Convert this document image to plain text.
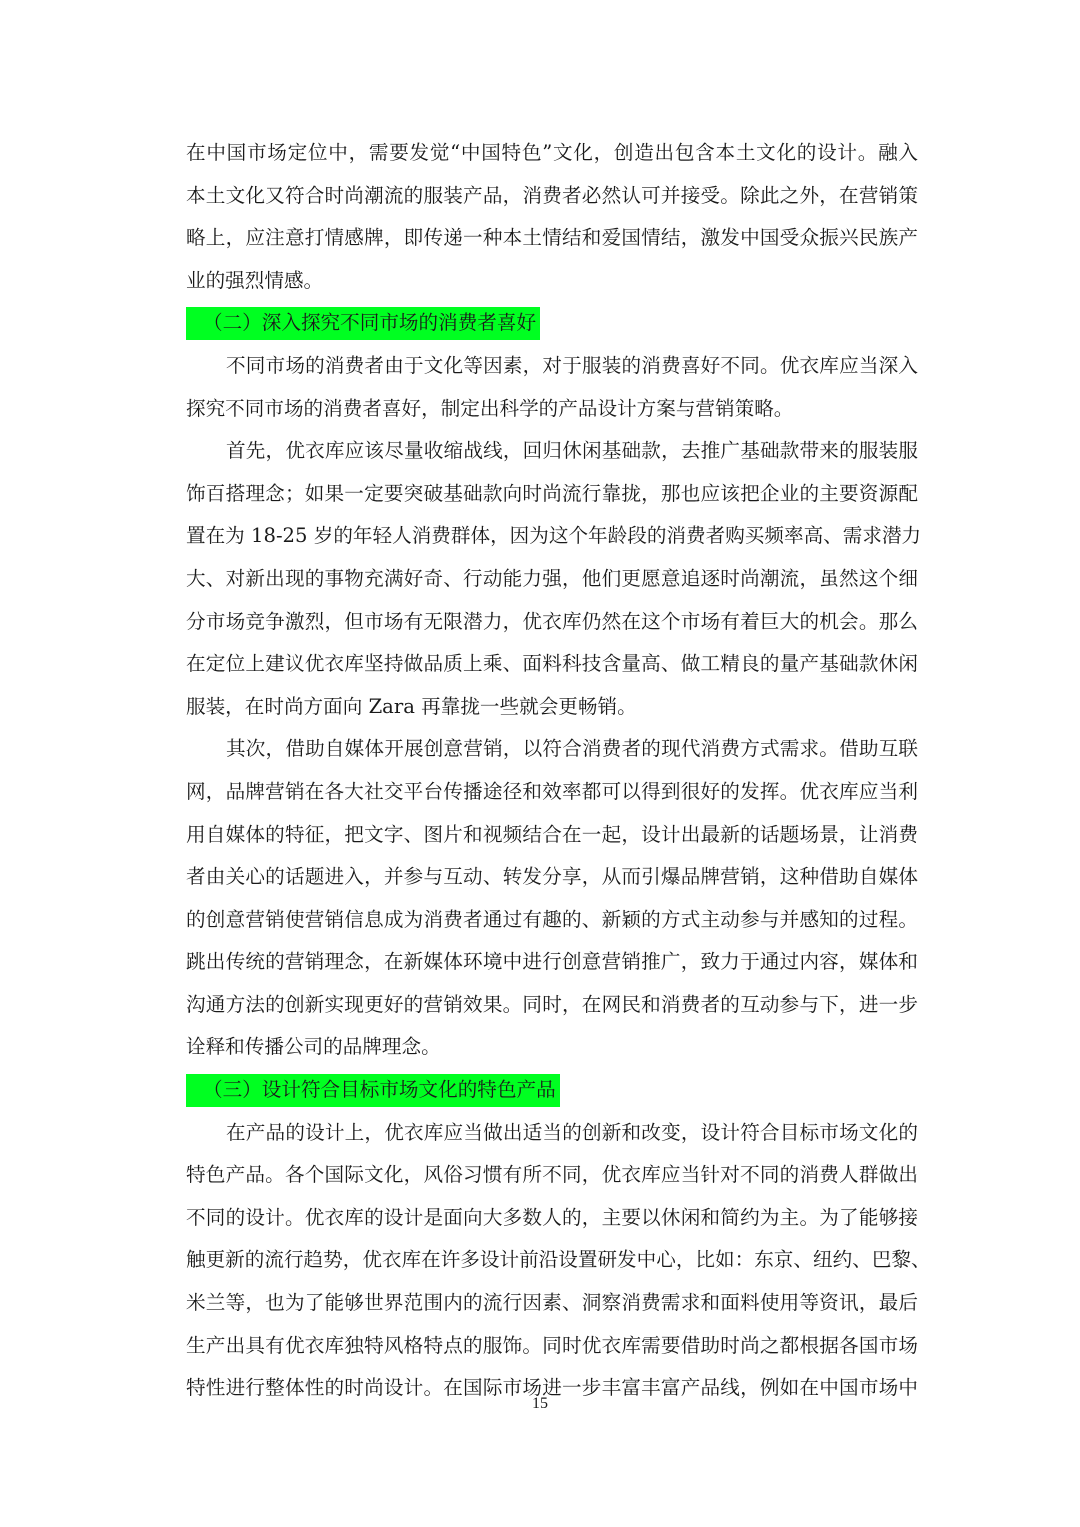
在中国市场定位中，需要发觉“中国特色”文化，创造出包含本土文化的设计。融入
本土文化又符合时尚潮流的服装产品，消费者必然认可并接受。除此之外，在营销策
略上，应注意打情感牌，即传递一种本土情结和爱国情结，激发中国受众振兴民族产
业的强烈情感。
（二）深入探究不同市场的消费者喜好
不同市场的消费者由于文化等因素，对于服装的消费喜好不同。优衣库应当深入
探究不同市场的消费者喜好，制定出科学的产品设计方案与营销策略。
首先，优衣库应该尽量收缩战线，回归休闲基础款，去推广基础款带来的服装服
饰百搭理念；如果一定要突破基础款向时尚流行靠拢，那也应该把企业的主要资源配
置在为 18-25 岁的年轻人消费群体，因为这个年龄段的消费者购买频率高、需求潜力
大、对新出现的事物充满好奇、行动能力强，他们更愿意追逐时尚潮流，虽然这个细
分市场竞争激烈，但市场有无限潜力，优衣库仍然在这个市场有着巨大的机会。那么
在定位上建议优衣库坚持做品质上乘、面料科技含量高、做工精良的量产基础款休闲
服装，在时尚方面向 Zara 再靠拢一些就会更畅销。
其次，借助自媒体开展创意营销，以符合消费者的现代消费方式需求。借助互联
网，品牌营销在各大社交平台传播途径和效率都可以得到很好的发挥。优衣库应当利
用自媒体的特征，把文字、图片和视频结合在一起，设计出最新的话题场景，让消费
者由关心的话题进入，并参与互动、转发分享，从而引爆品牌营销，这种借助自媒体
的创意营销使营销信息成为消费者通过有趣的、新颖的方式主动参与并感知的过程。
跳出传统的营销理念，在新媒体环境中进行创意营销推广，致力于通过内容，媒体和
沟通方法的创新实现更好的营销效果。同时，在网民和消费者的互动参与下，进一步
诠释和传播公司的品牌理念。
（三）设计符合目标市场文化的特色产品
在产品的设计上，优衣库应当做出适当的创新和改变，设计符合目标市场文化的
特色产品。各个国际文化，风俗习惯有所不同，优衣库应当针对不同的消费人群做出
不同的设计。优衣库的设计是面向大多数人的，主要以休闲和简约为主。为了能够接
触更新的流行趋势，优衣库在许多设计前沿设置研发中心，比如：东京、纽约、巴黎、
米兰等，也为了能够世界范围内的流行因素、洞察消费需求和面料使用等资讯，最后
生产出具有优衣库独特风格特点的服饰。同时优衣库需要借助时尚之都根据各国市场
特性进行整体性的时尚设计。在国际市场进一步丰富丰富产品线，例如在中国市场中
15
